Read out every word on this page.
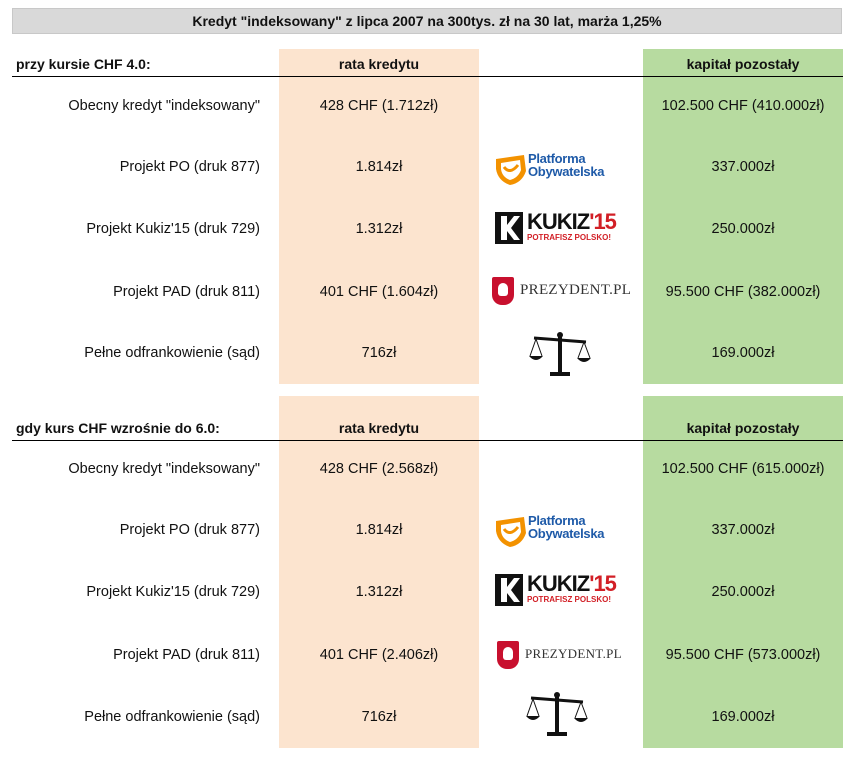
Kredyt "indeksowany" z lipca 2007 na 300tys. zł na 30 lat, marża 1,25%
przy kursie CHF 4.0:	rata kredytu	kapitał pozostały
Obecny kredyt "indeksowany"	428 CHF (1.712zł)	102.500 CHF (410.000zł)
Projekt PO (druk 877)	1.814zł	337.000zł
Platforma
Obywatelska
Projekt Kukiz'15 (druk 729)	1.312zł	250.000zł
KUKIZ'15
POTRAFISZ POLSKO!
Projekt PAD (druk 811)	401 CHF (1.604zł)	95.500 CHF (382.000zł)
PREZYDENT.PL
Pełne odfrankowienie (sąd)	716zł	169.000zł
gdy kurs CHF wzrośnie do 6.0:	rata kredytu	kapitał pozostały
Obecny kredyt "indeksowany"	428 CHF (2.568zł)	102.500 CHF (615.000zł)
Projekt PO (druk 877)	1.814zł	337.000zł
Platforma
Obywatelska
Projekt Kukiz'15 (druk 729)	1.312zł	250.000zł
KUKIZ'15
POTRAFISZ POLSKO!
Projekt PAD (druk 811)	401 CHF (2.406zł)	95.500 CHF (573.000zł)
PREZYDENT.PL
Pełne odfrankowienie (sąd)	716zł	169.000zł
